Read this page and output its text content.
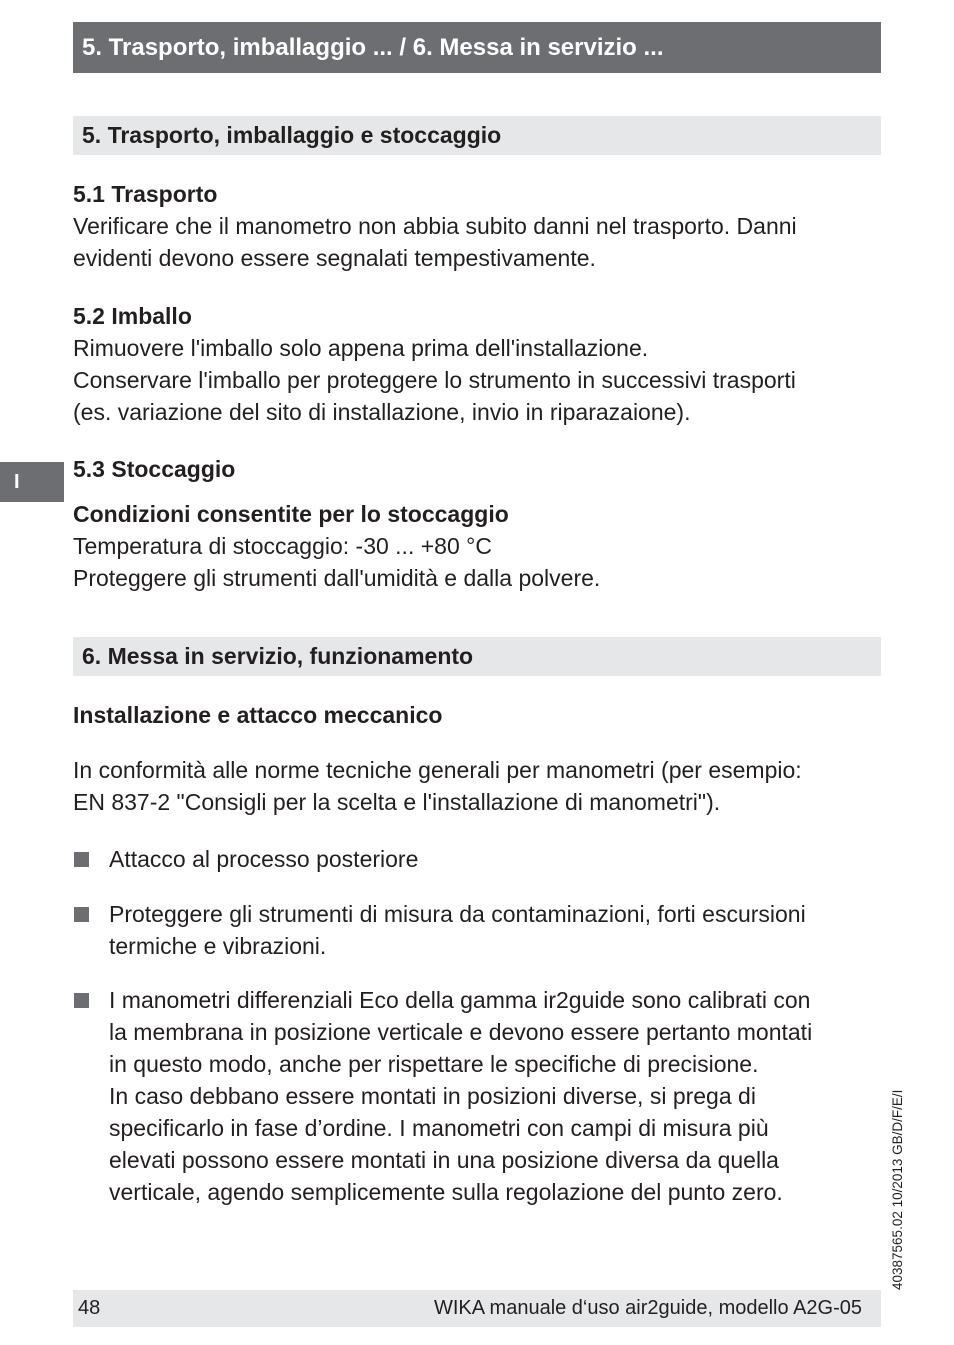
5. Trasporto, imballaggio ... / 6. Messa in servizio ...
I
5. Trasporto, imballaggio e stoccaggio
5.1 Trasporto
Verificare che il manometro non abbia subito danni nel trasporto. Danni
evidenti devono essere segnalati tempestivamente.
5.2 Imballo
Rimuovere l'imballo solo appena prima dell'installazione.
Conservare l'imballo per proteggere lo strumento in successivi trasporti
(es. variazione del sito di installazione, invio in riparazaione).
5.3 Stoccaggio
Condizioni consentite per lo stoccaggio
Temperatura di stoccaggio: -30 ... +80 °C
Proteggere gli strumenti dall'umidità e dalla polvere.
6. Messa in servizio, funzionamento
Installazione e attacco meccanico
In conformità alle norme tecniche generali per manometri (per esempio:
EN 837-2 "Consigli per la scelta e l'installazione di manometri").
Attacco al processo posteriore
Proteggere gli strumenti di misura da contaminazioni, forti escursioni
termiche e vibrazioni.
I manometri differenziali Eco della gamma ir2guide sono calibrati con
la membrana in posizione verticale e devono essere pertanto montati
in questo modo, anche per rispettare le specifiche di precisione.
In caso debbano essere montati in posizioni diverse, si prega di
specificarlo in fase d’ordine. I manometri con campi di misura più
elevati possono essere montati in una posizione diversa da quella
verticale, agendo semplicemente sulla regolazione del punto zero.	40387565.02 10/2013 GB/D/F/E/I
48	WIKA manuale d‘uso air2guide, modello A2G-05
